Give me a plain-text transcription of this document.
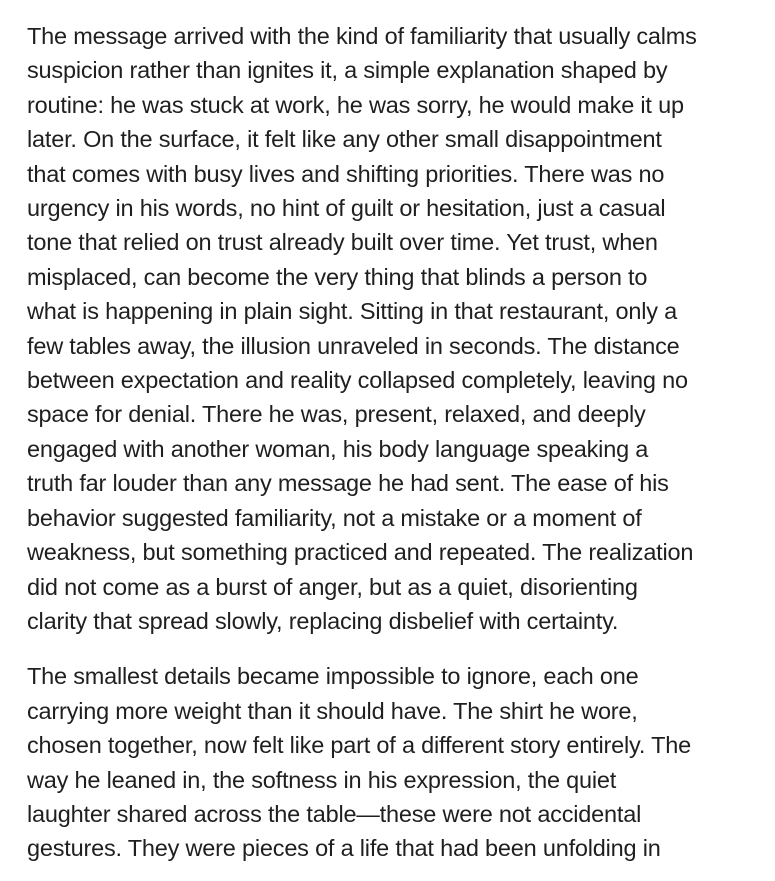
The message arrived with the kind of familiarity that usually calms
suspicion rather than ignites it, a simple explanation shaped by
routine: he was stuck at work, he was sorry, he would make it up
later. On the surface, it felt like any other small disappointment
that comes with busy lives and shifting priorities. There was no
urgency in his words, no hint of guilt or hesitation, just a casual
tone that relied on trust already built over time. Yet trust, when
misplaced, can become the very thing that blinds a person to
what is happening in plain sight. Sitting in that restaurant, only a
few tables away, the illusion unraveled in seconds. The distance
between expectation and reality collapsed completely, leaving no
space for denial. There he was, present, relaxed, and deeply
engaged with another woman, his body language speaking a
truth far louder than any message he had sent. The ease of his
behavior suggested familiarity, not a mistake or a moment of
weakness, but something practiced and repeated. The realization
did not come as a burst of anger, but as a quiet, disorienting
clarity that spread slowly, replacing disbelief with certainty.

The smallest details became impossible to ignore, each one
carrying more weight than it should have. The shirt he wore,
chosen together, now felt like part of a different story entirely. The
way he leaned in, the softness in his expression, the quiet
laughter shared across the table—these were not accidental
gestures. They were pieces of a life that had been unfolding in
